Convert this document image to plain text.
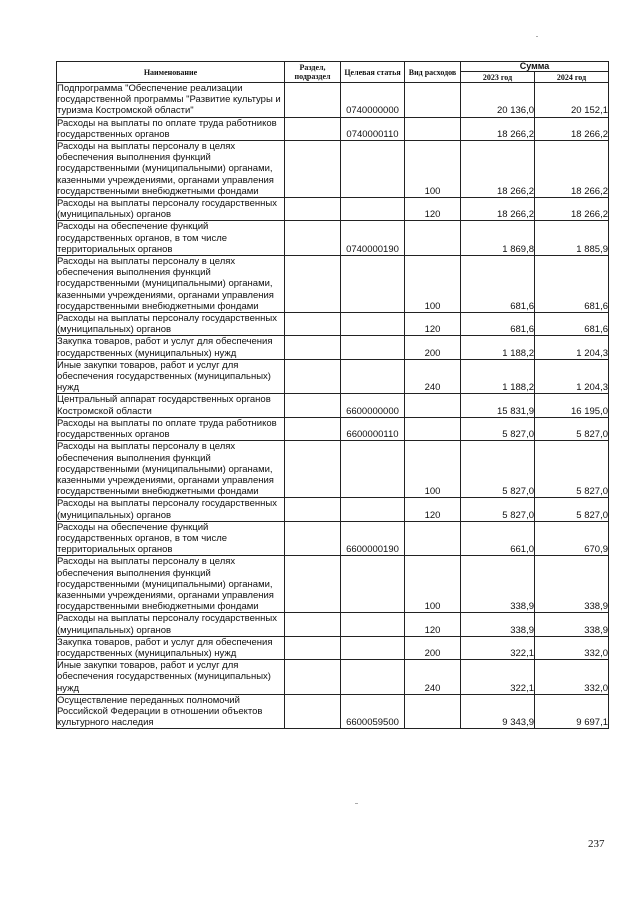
Наименование	Раздел, подраздел	Целевая статья	Вид расходов	Сумма	
				2023 год	2024 год
Подпрограмма "Обеспечение реализации государственной программы "Развитие культуры и туризма Костромской области"		0740000000		20 136,0	20 152,1
Расходы на выплаты по оплате труда работников государственных органов		0740000110		18 266,2	18 266,2
Расходы на выплаты персоналу в целях обеспечения выполнения функций государственными (муниципальными) органами, казенными учреждениями, органами управления государственными внебюджетными фондами			100	18 266,2	18 266,2
Расходы на выплаты персоналу государственных (муниципальных) органов			120	18 266,2	18 266,2
Расходы на обеспечение функций государственных органов, в том числе территориальных органов		0740000190		1 869,8	1 885,9
Расходы на выплаты персоналу в целях обеспечения выполнения функций государственными (муниципальными) органами, казенными учреждениями, органами управления государственными внебюджетными фондами			100	681,6	681,6
Расходы на выплаты персоналу государственных (муниципальных) органов			120	681,6	681,6
Закупка товаров, работ и услуг для обеспечения государственных (муниципальных) нужд			200	1 188,2	1 204,3
Иные закупки товаров, работ и услуг для обеспечения государственных (муниципальных) нужд			240	1 188,2	1 204,3
Центральный аппарат государственных органов Костромской области		6600000000		15 831,9	16 195,0
Расходы на выплаты по оплате труда работников государственных органов		6600000110		5 827,0	5 827,0
Расходы на выплаты персоналу в целях обеспечения выполнения функций государственными (муниципальными) органами, казенными учреждениями, органами управления государственными внебюджетными фондами			100	5 827,0	5 827,0
Расходы на выплаты персоналу государственных (муниципальных) органов			120	5 827,0	5 827,0
Расходы на обеспечение функций государственных органов, в том числе территориальных органов		6600000190		661,0	670,9
Расходы на выплаты персоналу в целях обеспечения выполнения функций государственными (муниципальными) органами, казенными учреждениями, органами управления государственными внебюджетными фондами			100	338,9	338,9
Расходы на выплаты персоналу государственных (муниципальных) органов			120	338,9	338,9
Закупка товаров, работ и услуг для обеспечения государственных (муниципальных) нужд			200	322,1	332,0
Иные закупки товаров, работ и услуг для обеспечения государственных (муниципальных) нужд			240	322,1	332,0
Осуществление переданных полномочий Российской Федерации в отношении объектов культурного наследия		6600059500		9 343,9	9 697,1
237
